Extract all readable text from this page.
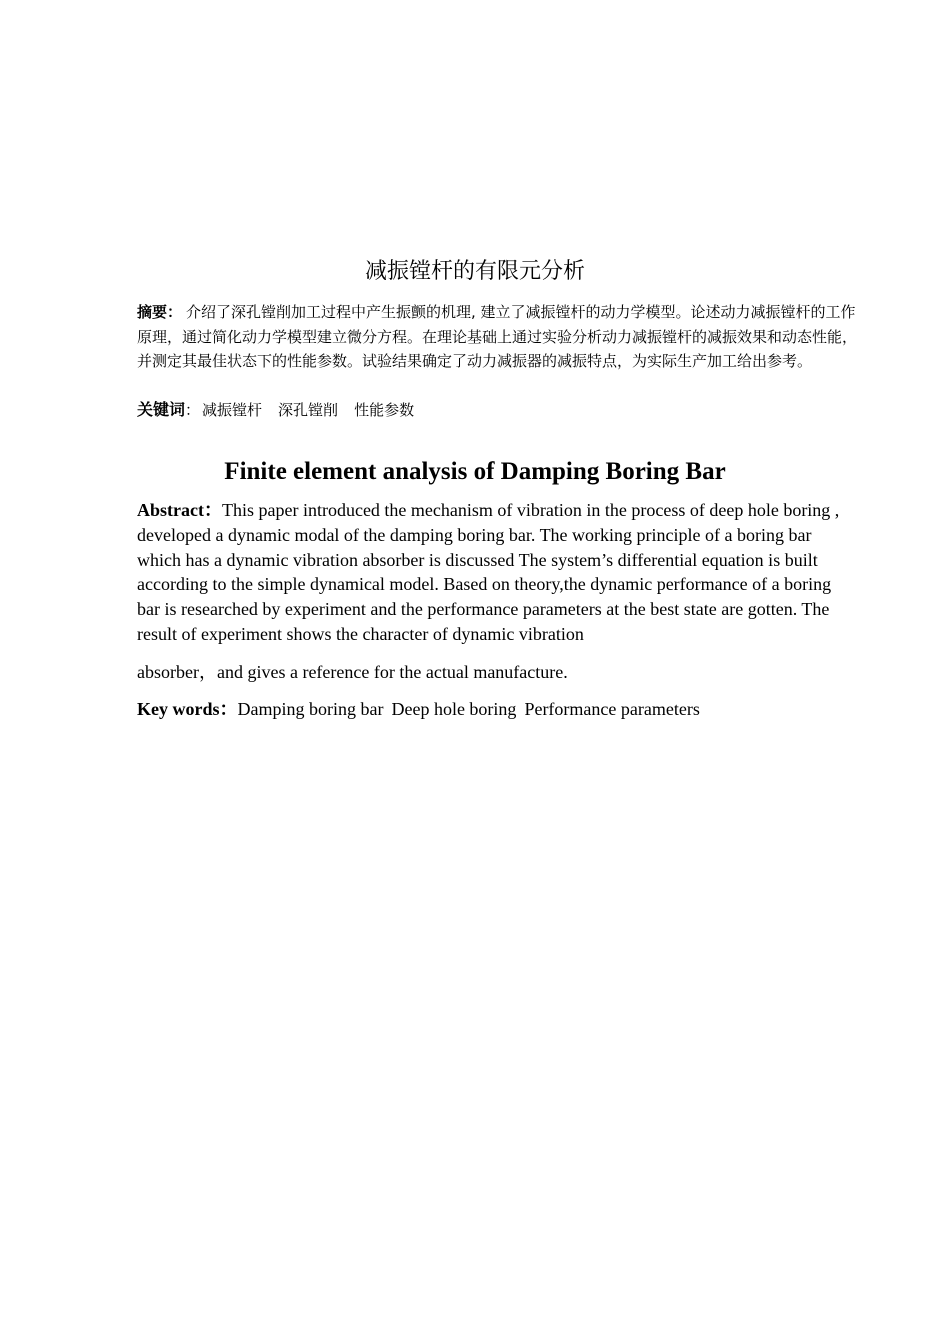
减振镗杆的有限元分析

摘要： 介绍了深孔镗削加工过程中产生振颤的机理, 建立了减振镗杆的动力学模型。论述动力减振镗杆的工作原理，通过简化动力学模型建立微分方程。在理论基础上通过实验分析动力减振镗杆的减振效果和动态性能，并测定其最佳状态下的性能参数。试验结果确定了动力减振器的减振特点，为实际生产加工给出参考。

关键词： 减振镗杆 深孔镗削 性能参数

Finite element analysis of Damping Boring Bar

Abstract：This paper introduced the mechanism of vibration in the process of deep hole boring , developed a dynamic modal of the damping boring bar. The working principle of a boring bar which has a dynamic vibration absorber is discussed The system’s differential equation is built according to the simple dynamical model. Based on theory,the dynamic performance of a boring bar is researched by experiment and the performance parameters at the best state are gotten. The result of experiment shows the character of dynamic vibration

absorber，and gives a reference for the actual manufacture.

Key words：Damping boring bar Deep hole boring Performance parameters
